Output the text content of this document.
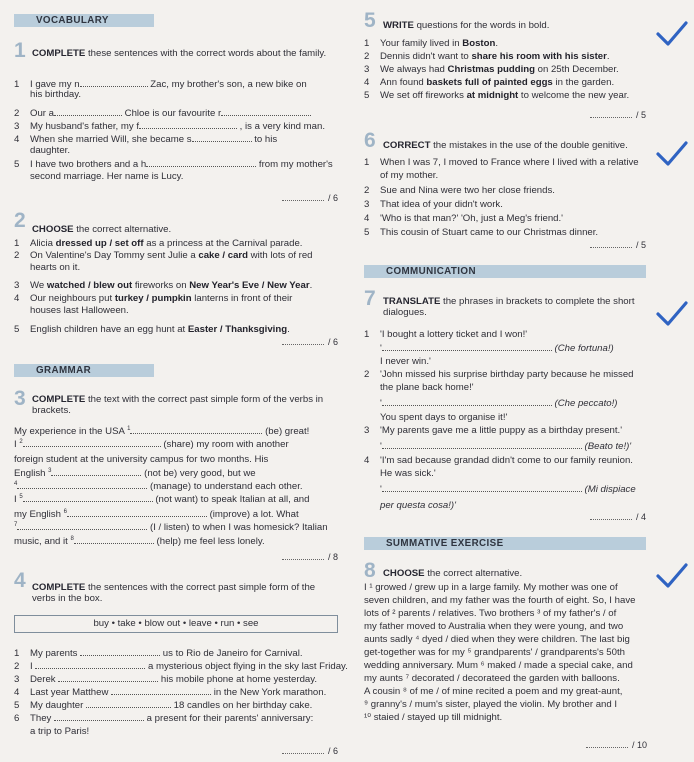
VOCABULARY
1 COMPLETE these sentences with the correct words about the family.
1 I gave my n	Zac, my brother's son, a new bike on
his birthday.
2 Our a	Chloe is our favourite r
3 My husband's father, my f	, is a very kind man.
4 When she married Will, she became s	to his
daughter.
5 I have two brothers and a h	from my mother's
second marriage. Her name is Lucy.
/ 6
2 CHOOSE the correct alternative.
1 Alicia dressed up / set off as a princess at the Carnival parade.
2 On Valentine's Day Tommy sent Julie a cake / card with lots of red
hearts on it.
3 We watched / blew out fireworks on New Year's Eve / New Year.
4 Our neighbours put turkey / pumpkin lanterns in front of their
houses last Halloween.
5 English children have an egg hunt at Easter / Thanksgiving.
/ 6
GRAMMAR
3 COMPLETE the text with the correct past simple form of the verbs in brackets.
My experience in the USA $^1$	(be) great!
I $^2$	(share) my room with another
foreign student at the university campus for two months. His
English $^3$	(not be) very good, but we
$^4$	(manage) to understand each other.
I $^5$	(not want) to speak Italian at all, and
my English $^6$	(improve) a lot. What
$^7$	(I / listen) to when I was homesick? Italian
music, and it $^8$	(help) me feel less lonely.
/ 8
4 COMPLETE the sentences with the correct past simple form of the verbs in the box.
buy • take • blow out • leave • run • see
1 My parents	us to Rio de Janeiro for Carnival.
2 I	a mysterious object flying in the sky last Friday.
3 Derek	his mobile phone at home yesterday.
4 Last year Matthew	in the New York marathon.
5 My daughter	18 candles on her birthday cake.
6 They	a present for their parents' anniversary:
a trip to Paris!
/ 6
5 WRITE questions for the words in bold.
1 Your family lived in Boston.
2 Dennis didn't want to share his room with his sister.
3 We always had Christmas pudding on 25th December.
4 Ann found baskets full of painted eggs in the garden.
5 We set off fireworks at midnight to welcome the new year.
/ 5
6 CORRECT the mistakes in the use of the double genitive.
1 When I was 7, I moved to France where I lived with a relative
of my mother.
2 Sue and Nina were two her close friends.
3 That idea of your didn't work.
4 'Who is that man?' 'Oh, just a Meg's friend.'
5 This cousin of Stuart came to our Christmas dinner.
/ 5
COMMUNICATION
7 TRANSLATE the phrases in brackets to complete the short dialogues.
1 'I bought a lottery ticket and I won!'
'	(Che fortuna!)
I never win.'
2 'John missed his surprise birthday party because he missed
the plane back home!'
'	(Che peccato!)
You spent days to organise it!'
3 'My parents gave me a little puppy as a birthday present.'
'	(Beato te!)'
4 'I'm sad because grandad didn't come to our family reunion.
He was sick.'
'	(Mi dispiace
per questa cosa!)'
/ 4
SUMMATIVE EXERCISE
8 CHOOSE the correct alternative.
I ¹ growed / grew up in a large family. My mother was one of
seven children, and my father was the fourth of eight. So, I have
lots of ² parents / relatives. Two brothers ³ of my father's / of
my father moved to Australia when they were young, and two
aunts sadly ⁴ dyed / died when they were children. The last big
get-together was for my ⁵ grandparents' / grandparents's 50th
wedding anniversary. Mum ⁶ maked / made a special cake, and
my aunts ⁷ decorated / decorateed the garden with balloons.
A cousin ⁸ of me / of mine recited a poem and my great-aunt,
⁹ granny's / mum's sister, played the violin. My brother and I
¹⁰ staied / stayed up till midnight.
/ 10
